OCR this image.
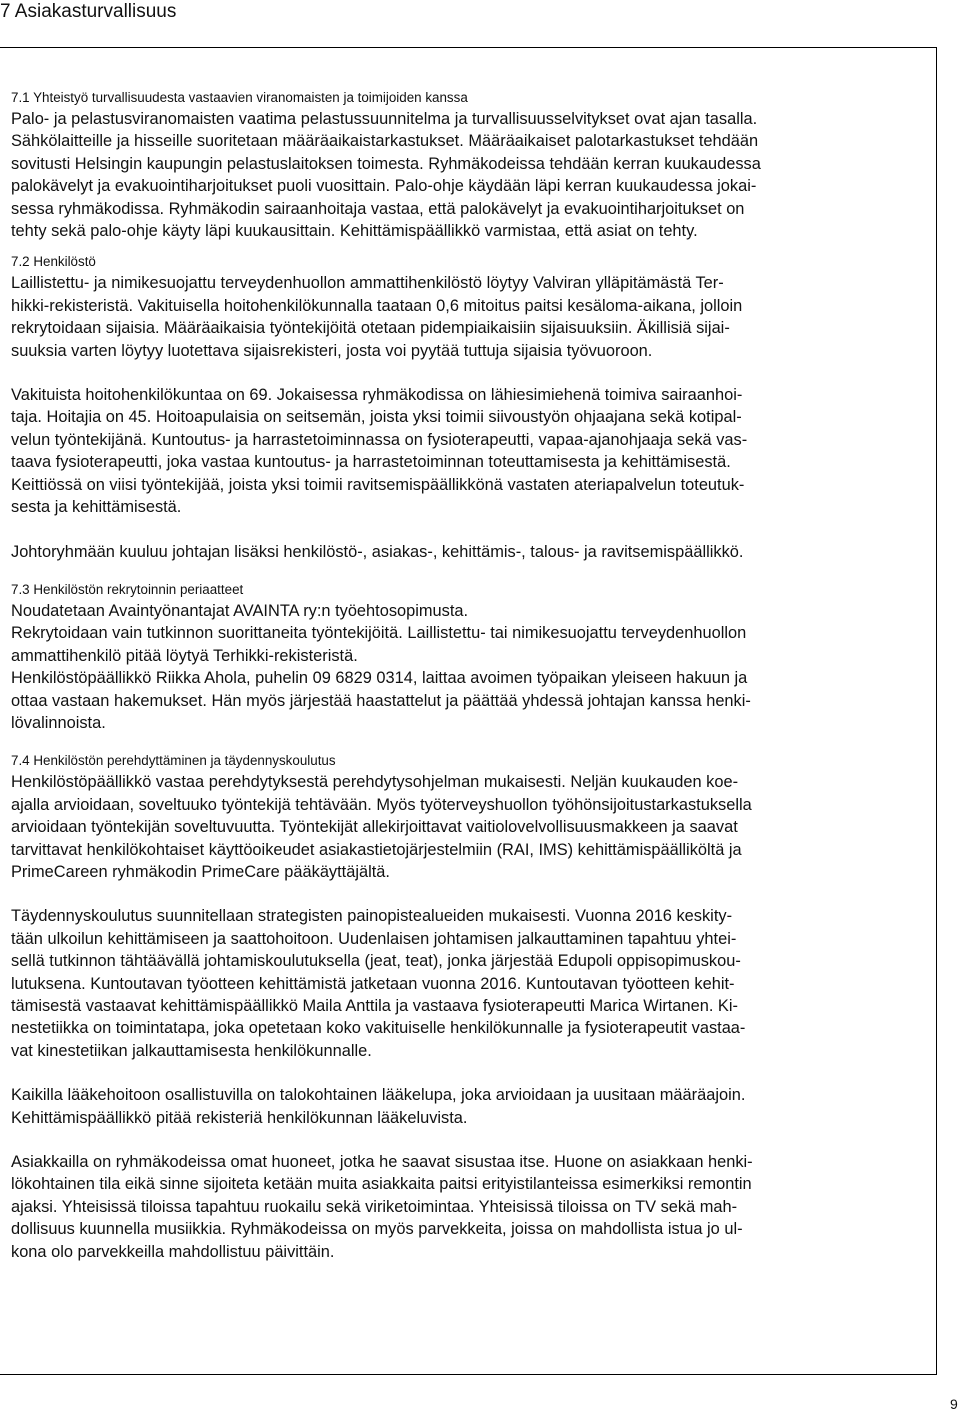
7 Asiakasturvallisuus
7.1 Yhteistyö turvallisuudesta vastaavien viranomaisten ja toimijoiden kanssa

Palo- ja pelastusviranomaisten vaatima pelastussuunnitelma ja turvallisuusselvitykset ovat ajan tasalla.
Sähkölaitteille ja hisseille suoritetaan määräaikaistarkastukset. Määräaikaiset palotarkastukset tehdään
sovitusti Helsingin kaupungin pelastuslaitoksen toimesta. Ryhmäkodeissa tehdään kerran kuukaudessa
palokävelyt ja evakuointiharjoitukset puoli vuosittain. Palo-ohje käydään läpi kerran kuukaudessa jokai-
sessa ryhmäkodissa. Ryhmäkodin sairaanhoitaja vastaa, että palokävelyt ja evakuointiharjoitukset on
tehty sekä palo-ohje käyty läpi kuukausittain. Kehittämispäällikkö varmistaa, että asiat on tehty.

7.2 Henkilöstö

Laillistettu- ja nimikesuojattu terveydenhuollon ammattihenkilöstö löytyy Valviran ylläpitämästä Ter-
hikki-rekisteristä. Vakituisella hoitohenkilökunnalla taataan 0,6 mitoitus paitsi kesäloma-aikana, jolloin
rekrytoidaan sijaisia. Määräaikaisia työntekijöitä otetaan pidempiaikaisiin sijaisuuksiin. Äkillisiä sijai-
suuksia varten löytyy luotettava sijaisrekisteri, josta voi pyytää tuttuja sijaisia työvuoroon.

Vakituista hoitohenkilökuntaa on 69. Jokaisessa ryhmäkodissa on lähiesimiehenä toimiva sairaanhoi-
taja. Hoitajia on 45. Hoitoapulaisia on seitsemän, joista yksi toimii siivoustyön ohjaajana sekä kotipal-
velun työntekijänä. Kuntoutus- ja harrastetoiminnassa on fysioterapeutti, vapaa-ajanohjaaja sekä vas-
taava fysioterapeutti, joka vastaa kuntoutus- ja harrastetoiminnan toteuttamisesta ja kehittämisestä.
Keittiössä on viisi työntekijää, joista yksi toimii ravitsemispäällikkönä vastaten ateriapalvelun toteutuk-
sesta ja kehittämisestä.

Johtoryhmään kuuluu johtajan lisäksi henkilöstö-, asiakas-, kehittämis-, talous- ja ravitsemispäällikkö.

7.3 Henkilöstön rekrytoinnin periaatteet

Noudatetaan Avaintyönantajat AVAINTA ry:n työehtosopimusta.
Rekrytoidaan vain tutkinnon suorittaneita työntekijöitä. Laillistettu- tai nimikesuojattu terveydenhuollon
ammattihenkilö pitää löytyä Terhikki-rekisteristä.
Henkilöstöpäällikkö Riikka Ahola, puhelin 09 6829 0314, laittaa avoimen työpaikan yleiseen hakuun ja
ottaa vastaan hakemukset. Hän myös järjestää haastattelut ja päättää yhdessä johtajan kanssa henki-
lövalinnoista.

7.4 Henkilöstön perehdyttäminen ja täydennyskoulutus

Henkilöstöpäällikkö vastaa perehdytyksestä perehdytysohjelman mukaisesti. Neljän kuukauden koe-
ajalla arvioidaan, soveltuuko työntekijä tehtävään. Myös työterveyshuollon työhönsijoitustarkastuksella
arvioidaan työntekijän soveltuvuutta. Työntekijät allekirjoittavat vaitiolovelvollisuusmakkeen ja saavat
tarvittavat henkilökohtaiset käyttöoikeudet asiakastietojärjestelmiin (RAI, IMS) kehittämispäälliköltä ja
PrimeCareen ryhmäkodin PrimeCare pääkäyttäjältä.

Täydennyskoulutus suunnitellaan strategisten painopistealueiden mukaisesti. Vuonna 2016 keskity-
tään ulkoilun kehittämiseen ja saattohoitoon. Uudenlaisen johtamisen jalkauttaminen tapahtuu yhtei-
sellä tutkinnon tähtäävällä johtamiskoulutuksella (jeat, teat), jonka järjestää Edupoli oppisopimuskou-
lutuksena. Kuntoutavan työotteen kehittämistä jatketaan vuonna 2016. Kuntoutavan työotteen kehit-
tämisestä vastaavat kehittämispäällikkö Maila Anttila ja vastaava fysioterapeutti Marica Wirtanen. Ki-
nestetiikka on toimintatapa, joka opetetaan koko vakituiselle henkilökunnalle ja fysioterapeutit vastaa-
vat kinestetiikan jalkauttamisesta henkilökunnalle.

Kaikilla lääkehoitoon osallistuvilla on talokohtainen lääkelupa, joka arvioidaan ja uusitaan määräajoin.
Kehittämispäällikkö pitää rekisteriä henkilökunnan lääkeluvista.

Asiakkailla on ryhmäkodeissa omat huoneet, jotka he saavat sisustaa itse. Huone on asiakkaan henki-
lökohtainen tila eikä sinne sijoiteta ketään muita asiakkaita paitsi erityistilanteissa esimerkiksi remontin
ajaksi. Yhteisissä tiloissa tapahtuu ruokailu sekä viriketoimintaa. Yhteisissä tiloissa on TV sekä mah-
dollisuus kuunnella musiikkia. Ryhmäkodeissa on myös parvekkeita, joissa on mahdollista istua jo ul-
kona olo parvekkeilla mahdollistuu päivittäin.

9
